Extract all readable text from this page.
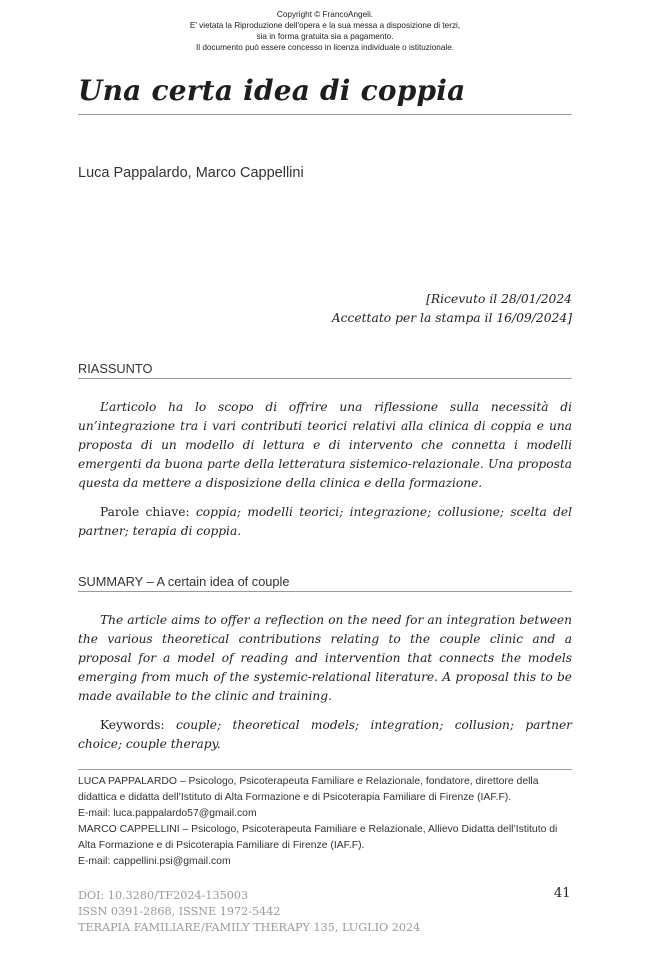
Copyright © FrancoAngeli.
E' vietata la Riproduzione dell'opera e la sua messa a disposizione di terzi,
sia in forma gratuita sia a pagamento.
Il documento può essere concesso in licenza individuale o istituzionale.
Una certa idea di coppia
Luca Pappalardo, Marco Cappellini
[Ricevuto il 28/01/2024
Accettato per la stampa il 16/09/2024]
RIASSUNTO

L’articolo ha lo scopo di offrire una riflessione sulla necessità di un’integrazione tra i vari contributi teorici relativi alla clinica di coppia e una proposta di un modello di lettura e di intervento che connetta i modelli emergenti da buona parte della letteratura sistemico-relazionale. Una proposta questa da mettere a disposizione della clinica e della formazione.

Parole chiave: coppia; modelli teorici; integrazione; collusione; scelta del partner; terapia di coppia.

SUMMARY – A certain idea of couple

The article aims to offer a reflection on the need for an integration between the various theoretical contributions relating to the couple clinic and a proposal for a model of reading and intervention that connects the models emerging from much of the systemic-relational literature. A proposal this to be made available to the clinic and training.

Keywords: couple; theoretical models; integration; collusion; partner choice; couple therapy.

LUCA PAPPALARDO – Psicologo, Psicoterapeuta Familiare e Relazionale, fondatore, direttore della didattica e didatta dell’Istituto di Alta Formazione e di Psicoterapia Familiare di Firenze (IAF.F).
E-mail: luca.pappalardo57@gmail.com
MARCO CAPPELLINI – Psicologo, Psicoterapeuta Familiare e Relazionale, Allievo Didatta dell’Istituto di Alta Formazione e di Psicoterapia Familiare di Firenze (IAF.F).
E-mail: cappellini.psi@gmail.com
DOI: 10.3280/TF2024-135003
ISSN 0391-2868, ISSNE 1972-5442
TERAPIA FAMILIARE/FAMILY THERAPY 135, LUGLIO 2024
41
